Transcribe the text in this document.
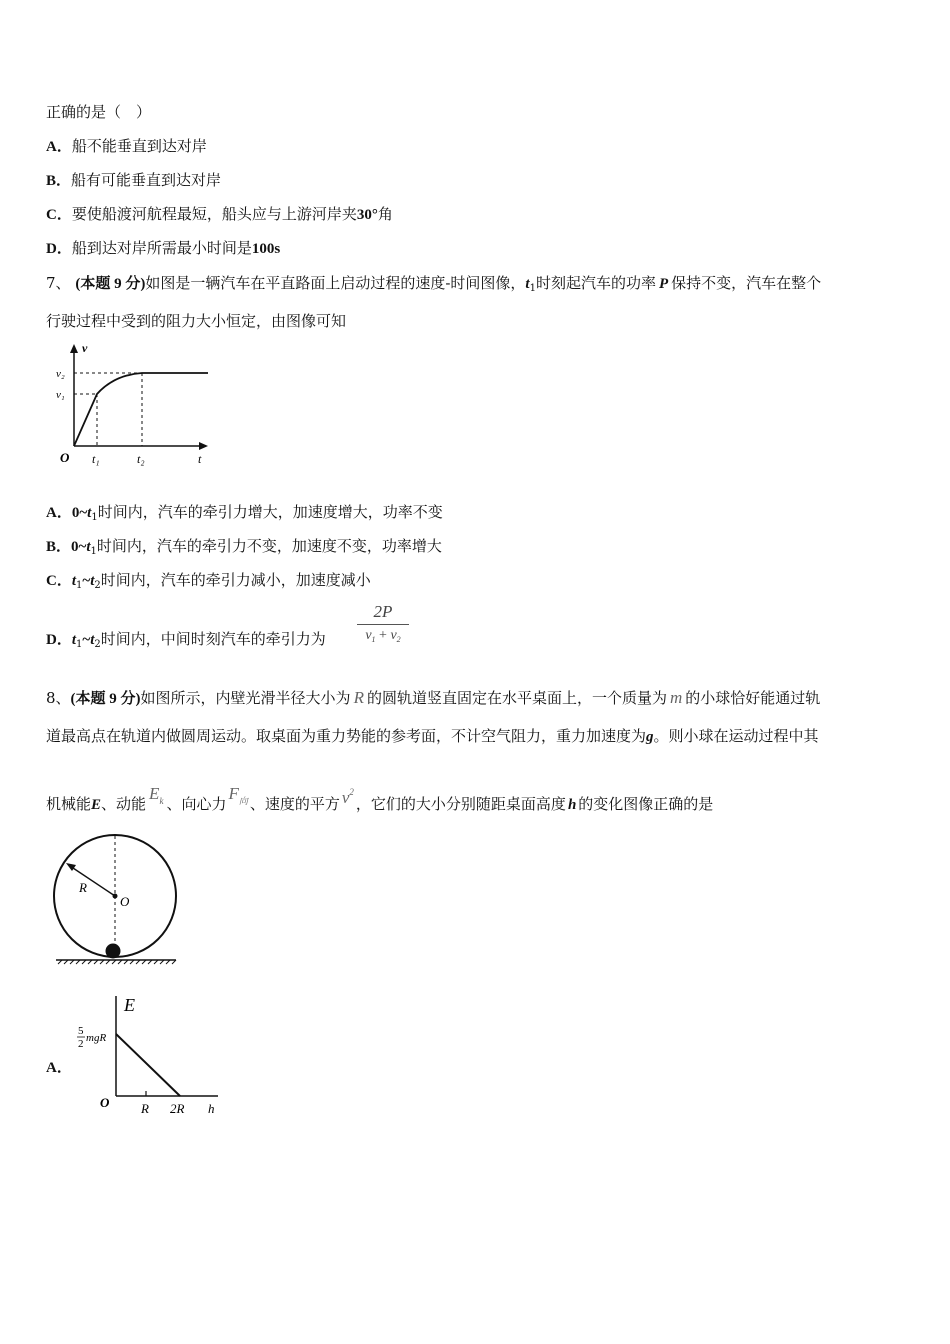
正确的是（　）
A．船不能垂直到达对岸
B．船有可能垂直到达对岸
C．要使船渡河航程最短，船头应与上游河岸夹30°角
D．船到达对岸所需最小时间是100s
7、 (本题 9 分)如图是一辆汽车在平直路面上启动过程的速度-时间图像，$t_1$时刻起汽车的功率 P 保持不变，汽车在整个
行驶过程中受到的阻力大小恒定，由图像可知
v
v₂
v₁
O t₁	t₂	t
A．$0\sim t_1$时间内，汽车的牵引力增大，加速度增大，功率不变
B．$0\sim t_1$时间内，汽车的牵引力不变，加速度不变，功率增大
C．$t_1\sim t_2$时间内，汽车的牵引力减小，加速度减小
D．$t_1\sim t_2$时间内，中间时刻汽车的牵引力为
2P
$v_1 + v_2$
8、(本题 9 分)如图所示，内壁光滑半径大小为 R 的圆轨道竖直固定在水平桌面上，一个质量为 m 的小球恰好能通过轨
道最高点在轨道内做圆周运动。取桌面为重力势能的参考面，不计空气阻力，重力加速度为g。则小球在运动过程中其
机械能E、动能$E_k$ 、向心力$F_向$ 、速度的平方 $v^2$，它们的大小分别随距桌面高度 h 的变化图像正确的是
R
O
A．
E
5
2 mgR
O R 2R h
